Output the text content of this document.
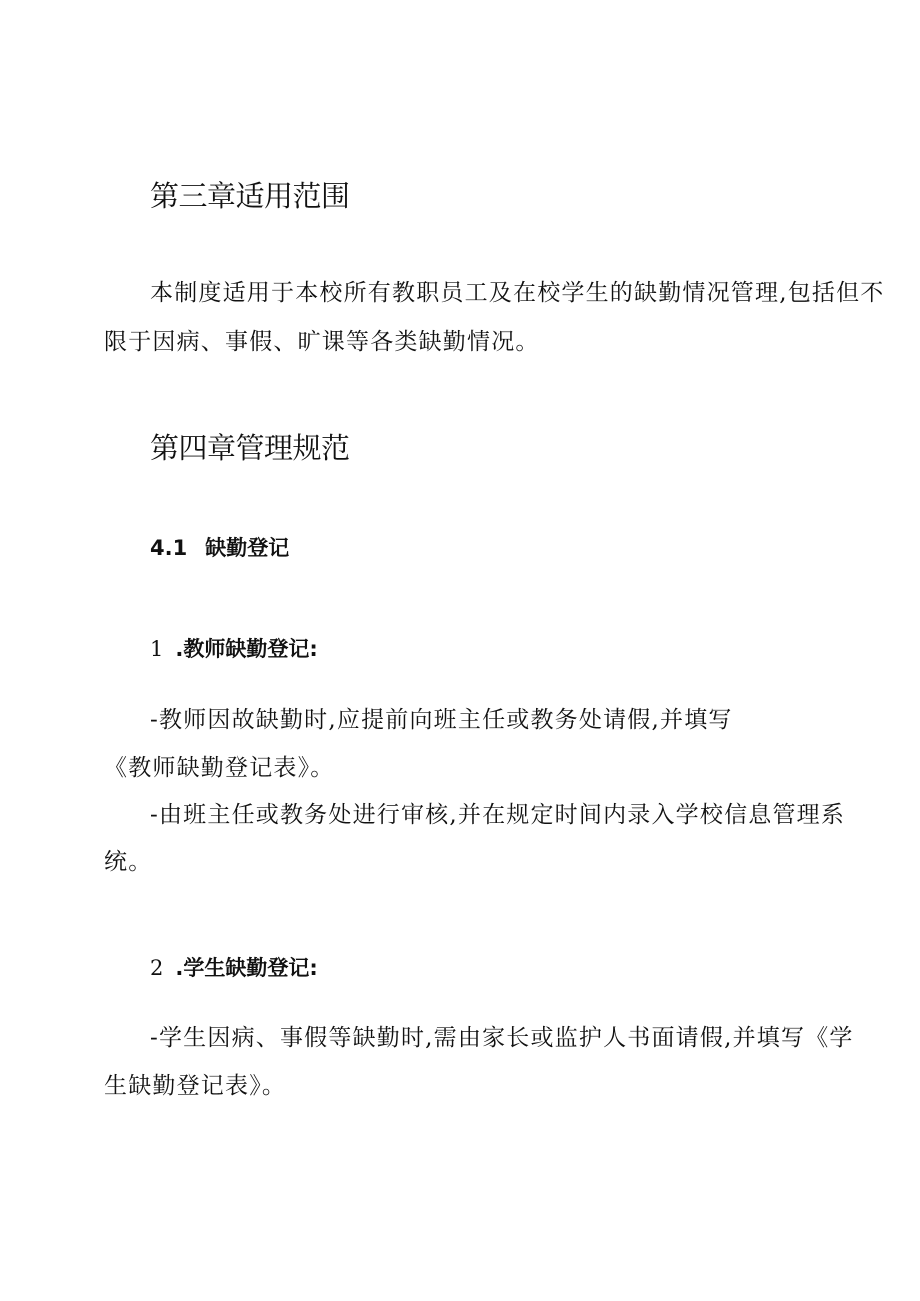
第三章适用范围
本制度适用于本校所有教职员工及在校学生的缺勤情况管理,包括但不
限于因病、事假、旷课等各类缺勤情况。
第四章管理规范
4.1 缺勤登记
1 .教师缺勤登记:
-教师因故缺勤时,应提前向班主任或教务处请假,并填写
《教师缺勤登记表》。
-由班主任或教务处进行审核,并在规定时间内录入学校信息管理系
统。
2 .学生缺勤登记:
-学生因病、事假等缺勤时,需由家长或监护人书面请假,并填写《学
生缺勤登记表》。
